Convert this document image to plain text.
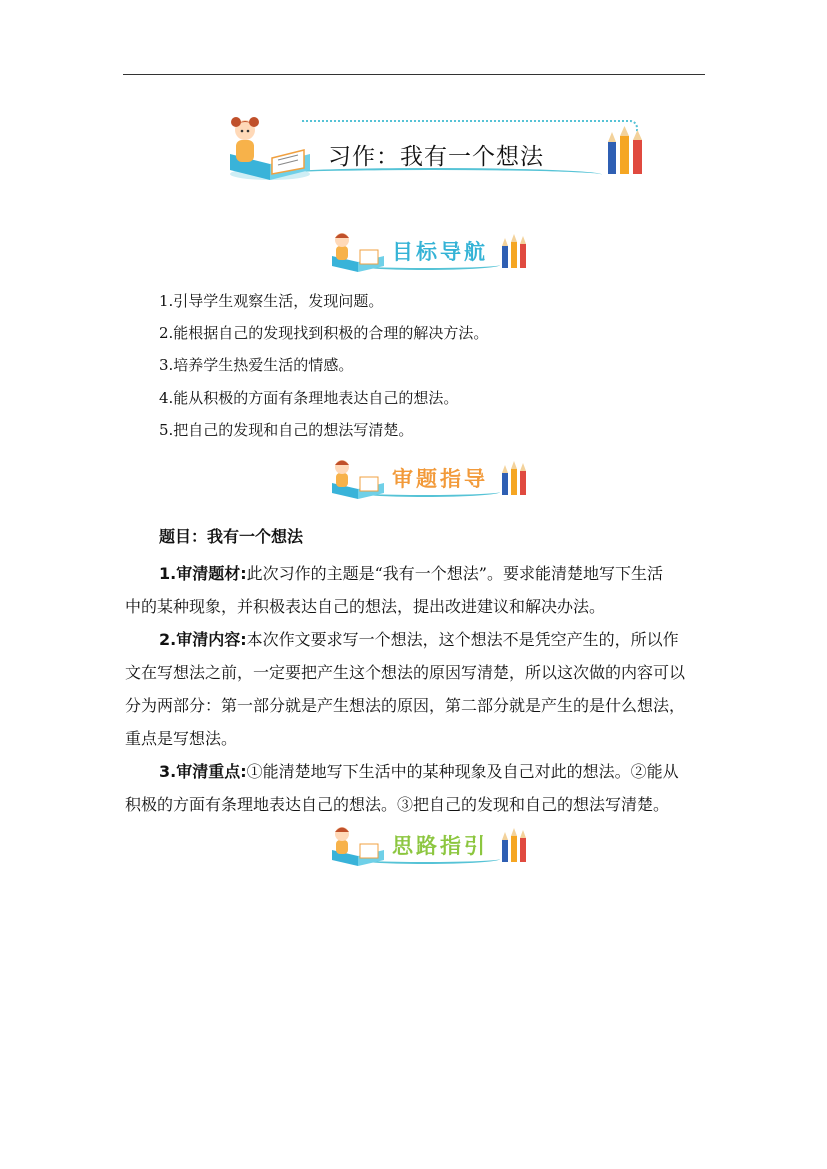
习作：我有一个想法
目标导航
1.引导学生观察生活，发现问题。
2.能根据自己的发现找到积极的合理的解决方法。
3.培养学生热爱生活的情感。
4.能从积极的方面有条理地表达自己的想法。
5.把自己的发现和自己的想法写清楚。
审题指导
题目：我有一个想法
1.审清题材:此次习作的主题是“我有一个想法”。要求能清楚地写下生活
中的某种现象，并积极表达自己的想法，提出改进建议和解决办法。
2.审清内容:本次作文要求写一个想法，这个想法不是凭空产生的，所以作
文在写想法之前，一定要把产生这个想法的原因写清楚，所以这次做的内容可以
分为两部分：第一部分就是产生想法的原因，第二部分就是产生的是什么想法，
重点是写想法。
3.审清重点:①能清楚地写下生活中的某种现象及自己对此的想法。②能从
积极的方面有条理地表达自己的想法。③把自己的发现和自己的想法写清楚。
思路指引
